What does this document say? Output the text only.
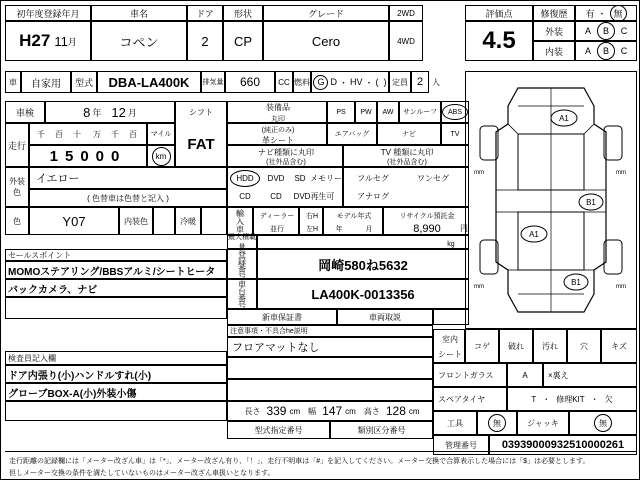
初年度登録年月	車名	ドア	形状	グレード	2WD
H27 11 月	コペン	2	CP	Cero	4WD
車	自家用	型式	DBA-LA400K	排気量	660	CC 燃料 G D ・ HV ・ (  ) 定員 2	人
車検	8 年 12 月	シフト
装備品
丸印
PS	PW	AW	サンルーフ	ABS
(純正のみ)
革シート
エアバッグ	ナビ	TV
走行
千	百	十	万	千	百
15000
マイル
km
FAT	ナビ種類に丸印
(社外品含む)
TV 種類に丸印
(社外品含む)
HDD	DVD	SD メモリー
CD	CD	DVD再生可
フルセグ	ワンセグ
アナログ
外装色
イエロー
( 色替車は色替と記入 )
色	Y07	内装色	冷暖	輸入車	ディーラー
並行
右H
左H
モデル年式
年	月
リサイクル預託金
8,990	円
セールスポイント
MOMOステアリング/BBSアルミ/シートヒータ
バックカメラ、ナビ
最大積載量	kg
登録番号	岡崎580ね5632
車台番号	LA400K-0013356
新車保証書	車両取説
注意事項・不具合he説明
フロアマットなし
検査員記入欄
ドア内張り(小)ハンドルすれ(小)
グローブBOX-A(小)外装小傷
長さ 339 cm 幅 147 cm 高さ 128 cm
型式指定番号	類別区分番号
評価点	修復歴	有 ・ 無
4.5	外装	A	B	C
内装	A	B	C
A1
B1
A1
B1
mm	mm
mm	mm
室内
シート
コゲ	破れ	汚れ	穴	キズ
フロントガラス	A	×裏え
スペアタイヤ	T ・ 修理KIT ・ 欠
工具	無	ジャッキ	無
管理番号	03939000932510000261
走行距離の記録欄には「メーター改ざん車」は「*」、メーター改ざん有り、「！」、走行不明車は「#」を記入してください。メーター交換で合算表示した場合には「$」は必要とします。
但しメーター交換の条件を満たしていないものはメーター改ざん車扱いとなります。
